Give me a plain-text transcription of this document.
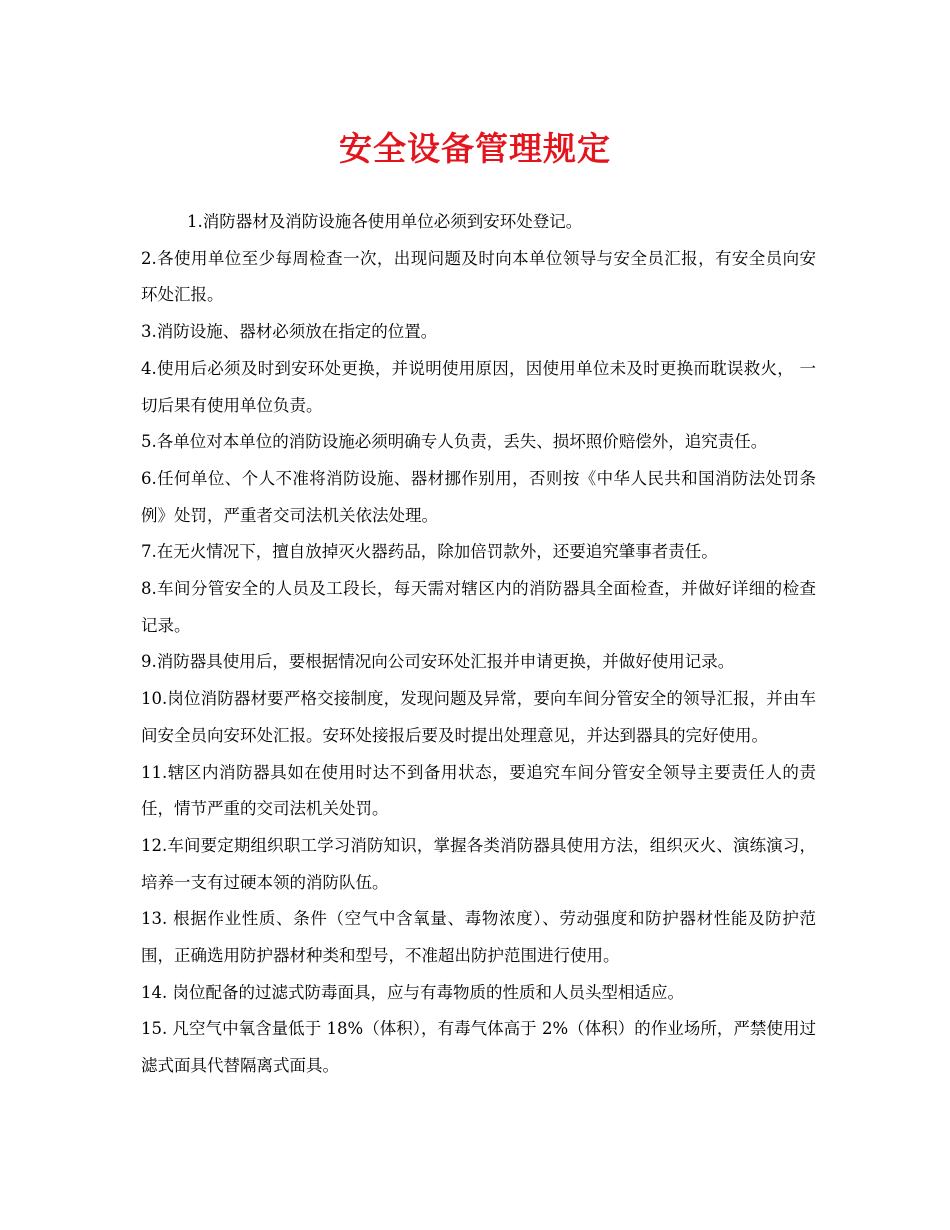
安全设备管理规定

1.消防器材及消防设施各使用单位必须到安环处登记。

2.各使用单位至少每周检查一次，出现问题及时向本单位领导与安全员汇报，有安全员向安环处汇报。

3.消防设施、器材必须放在指定的位置。

4.使用后必须及时到安环处更换，并说明使用原因，因使用单位未及时更换而耽误救火， 一切后果有使用单位负责。

5.各单位对本单位的消防设施必须明确专人负责，丢失、损坏照价赔偿外，追究责任。

6.任何单位、个人不准将消防设施、器材挪作别用，否则按《中华人民共和国消防法处罚条例》处罚，严重者交司法机关依法处理。

7.在无火情况下，擅自放掉灭火器药品，除加倍罚款外，还要追究肇事者责任。

8.车间分管安全的人员及工段长，每天需对辖区内的消防器具全面检查，并做好详细的检查记录。

9.消防器具使用后，要根据情况向公司安环处汇报并申请更换，并做好使用记录。

10.岗位消防器材要严格交接制度，发现问题及异常，要向车间分管安全的领导汇报，并由车间安全员向安环处汇报。安环处接报后要及时提出处理意见，并达到器具的完好使用。

11.辖区内消防器具如在使用时达不到备用状态，要追究车间分管安全领导主要责任人的责任，情节严重的交司法机关处罚。

12.车间要定期组织职工学习消防知识，掌握各类消防器具使用方法，组织灭火、演练演习，培养一支有过硬本领的消防队伍。

13. 根据作业性质、条件（空气中含氧量、毒物浓度）、劳动强度和防护器材性能及防护范围，正确选用防护器材种类和型号，不准超出防护范围进行使用。

14. 岗位配备的过滤式防毒面具，应与有毒物质的性质和人员头型相适应。

15. 凡空气中氧含量低于 18%（体积），有毒气体高于 2%（体积）的作业场所，严禁使用过滤式面具代替隔离式面具。
